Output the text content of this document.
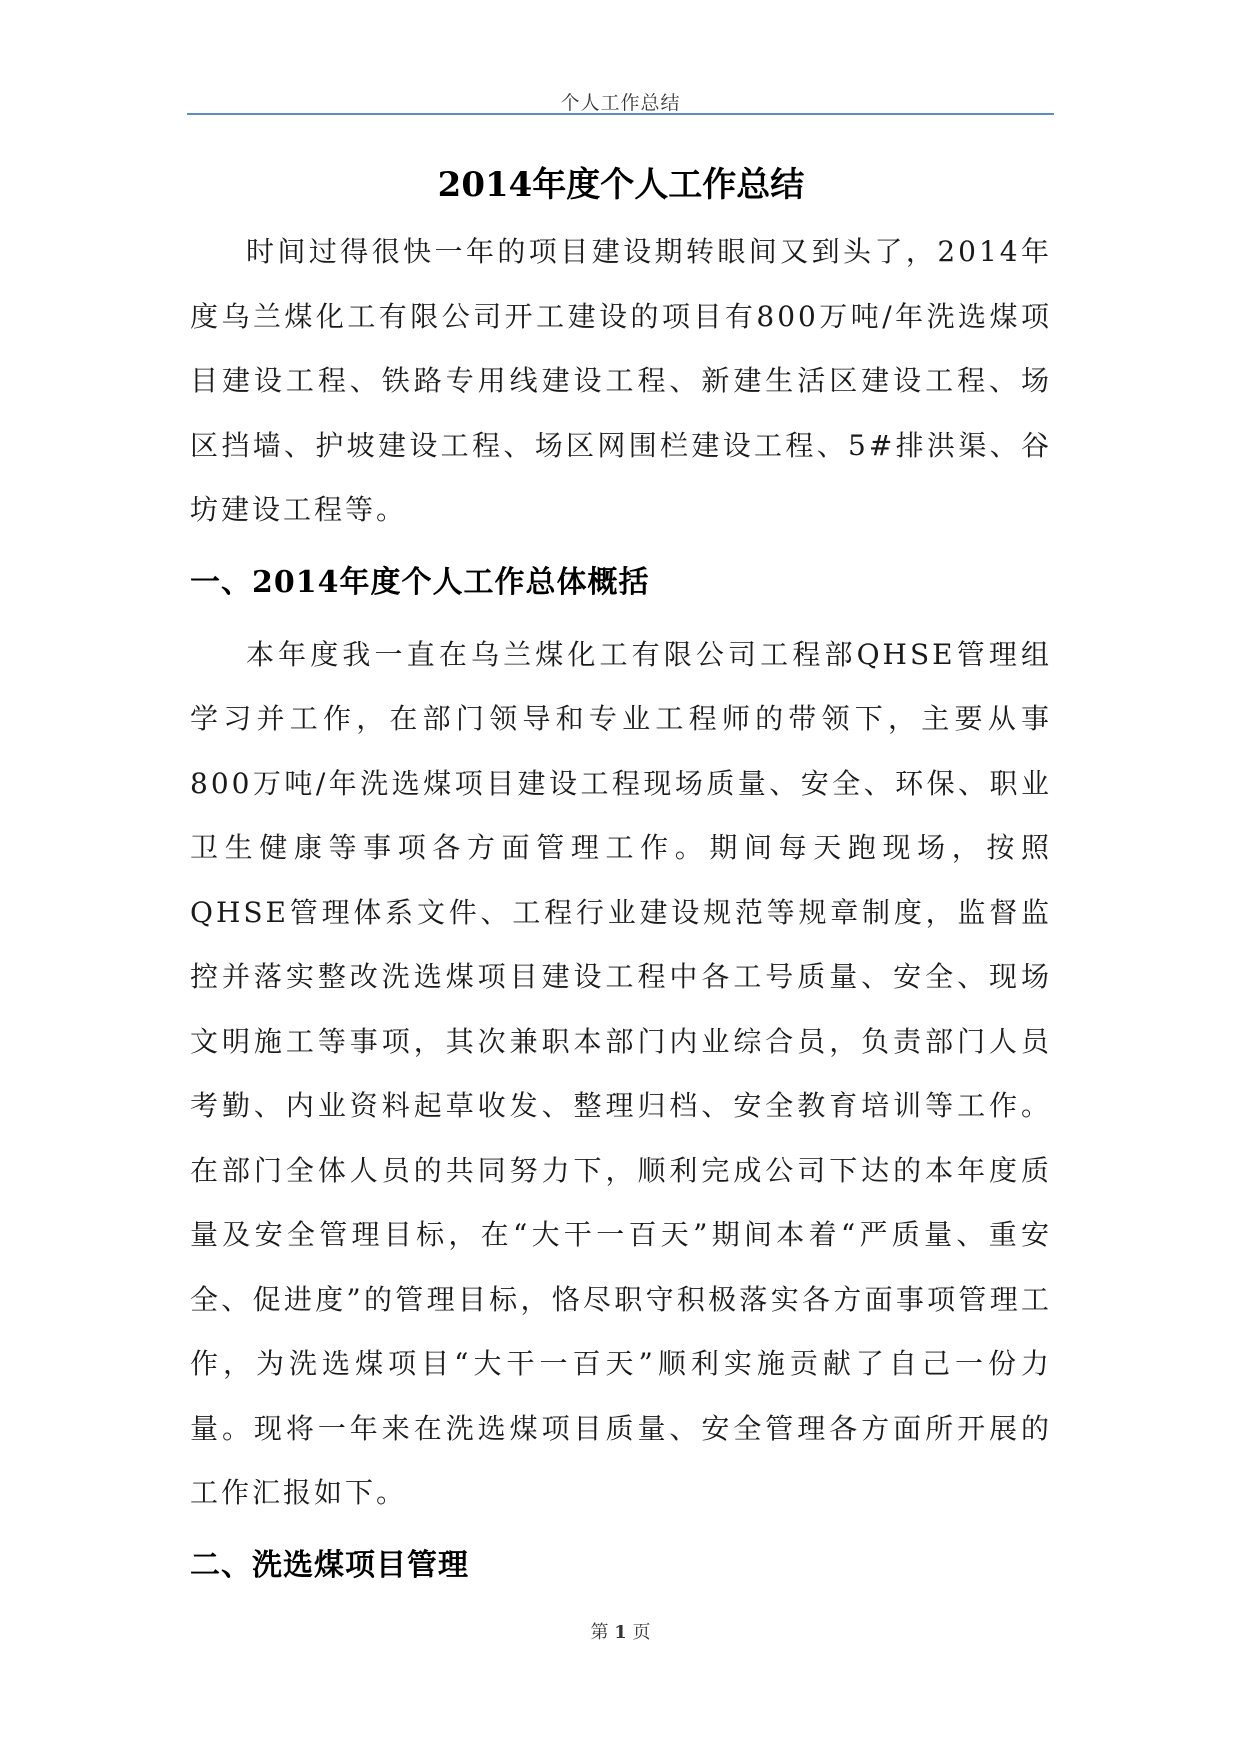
个人工作总结
2014年度个人工作总结

时间过得很快一年的项目建设期转眼间又到头了，2014年度乌兰煤化工有限公司开工建设的项目有800万吨/年洗选煤项目建设工程、铁路专用线建设工程、新建生活区建设工程、场区挡墙、护坡建设工程、场区网围栏建设工程、5#排洪渠、谷坊建设工程等。

一、2014年度个人工作总体概括

本年度我一直在乌兰煤化工有限公司工程部QHSE管理组学习并工作，在部门领导和专业工程师的带领下，主要从事800万吨/年洗选煤项目建设工程现场质量、安全、环保、职业卫生健康等事项各方面管理工作。期间每天跑现场，按照QHSE管理体系文件、工程行业建设规范等规章制度，监督监控并落实整改洗选煤项目建设工程中各工号质量、安全、现场文明施工等事项，其次兼职本部门内业综合员，负责部门人员考勤、内业资料起草收发、整理归档、安全教育培训等工作。在部门全体人员的共同努力下，顺利完成公司下达的本年度质量及安全管理目标，在“大干一百天”期间本着“严质量、重安全、促进度”的管理目标，恪尽职守积极落实各方面事项管理工作，为洗选煤项目“大干一百天”顺利实施贡献了自己一份力量。现将一年来在洗选煤项目质量、安全管理各方面所开展的工作汇报如下。

二、洗选煤项目管理
第 1 页
